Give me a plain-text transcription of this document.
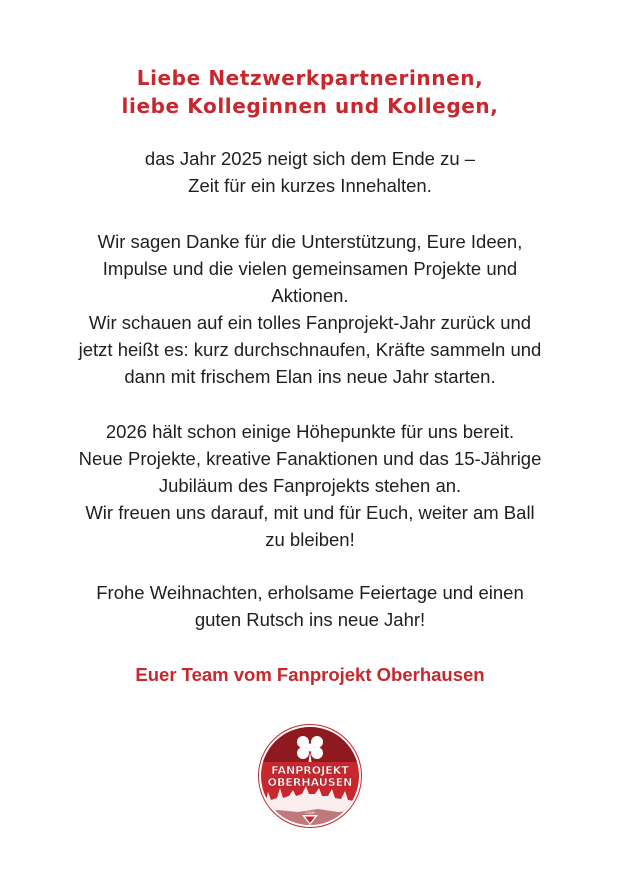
Liebe Netzwerkpartnerinnen,
liebe Kolleginnen und Kollegen,

das Jahr 2025 neigt sich dem Ende zu –
Zeit für ein kurzes Innehalten.

Wir sagen Danke für die Unterstützung, Eure Ideen,
Impulse und die vielen gemeinsamen Projekte und
Aktionen.
Wir schauen auf ein tolles Fanprojekt-Jahr zurück und
jetzt heißt es: kurz durchschnaufen, Kräfte sammeln und
dann mit frischem Elan ins neue Jahr starten.

2026 hält schon einige Höhepunkte für uns bereit.
Neue Projekte, kreative Fanaktionen und das 15-Jährige
Jubiläum des Fanprojekts stehen an.
Wir freuen uns darauf, mit und für Euch, weiter am Ball
zu bleiben!

Frohe Weihnachten, erholsame Feiertage und einen
guten Rutsch ins neue Jahr!

Euer Team vom Fanprojekt Oberhausen

FANPROJEKT
OBERHAUSEN
CVJM
